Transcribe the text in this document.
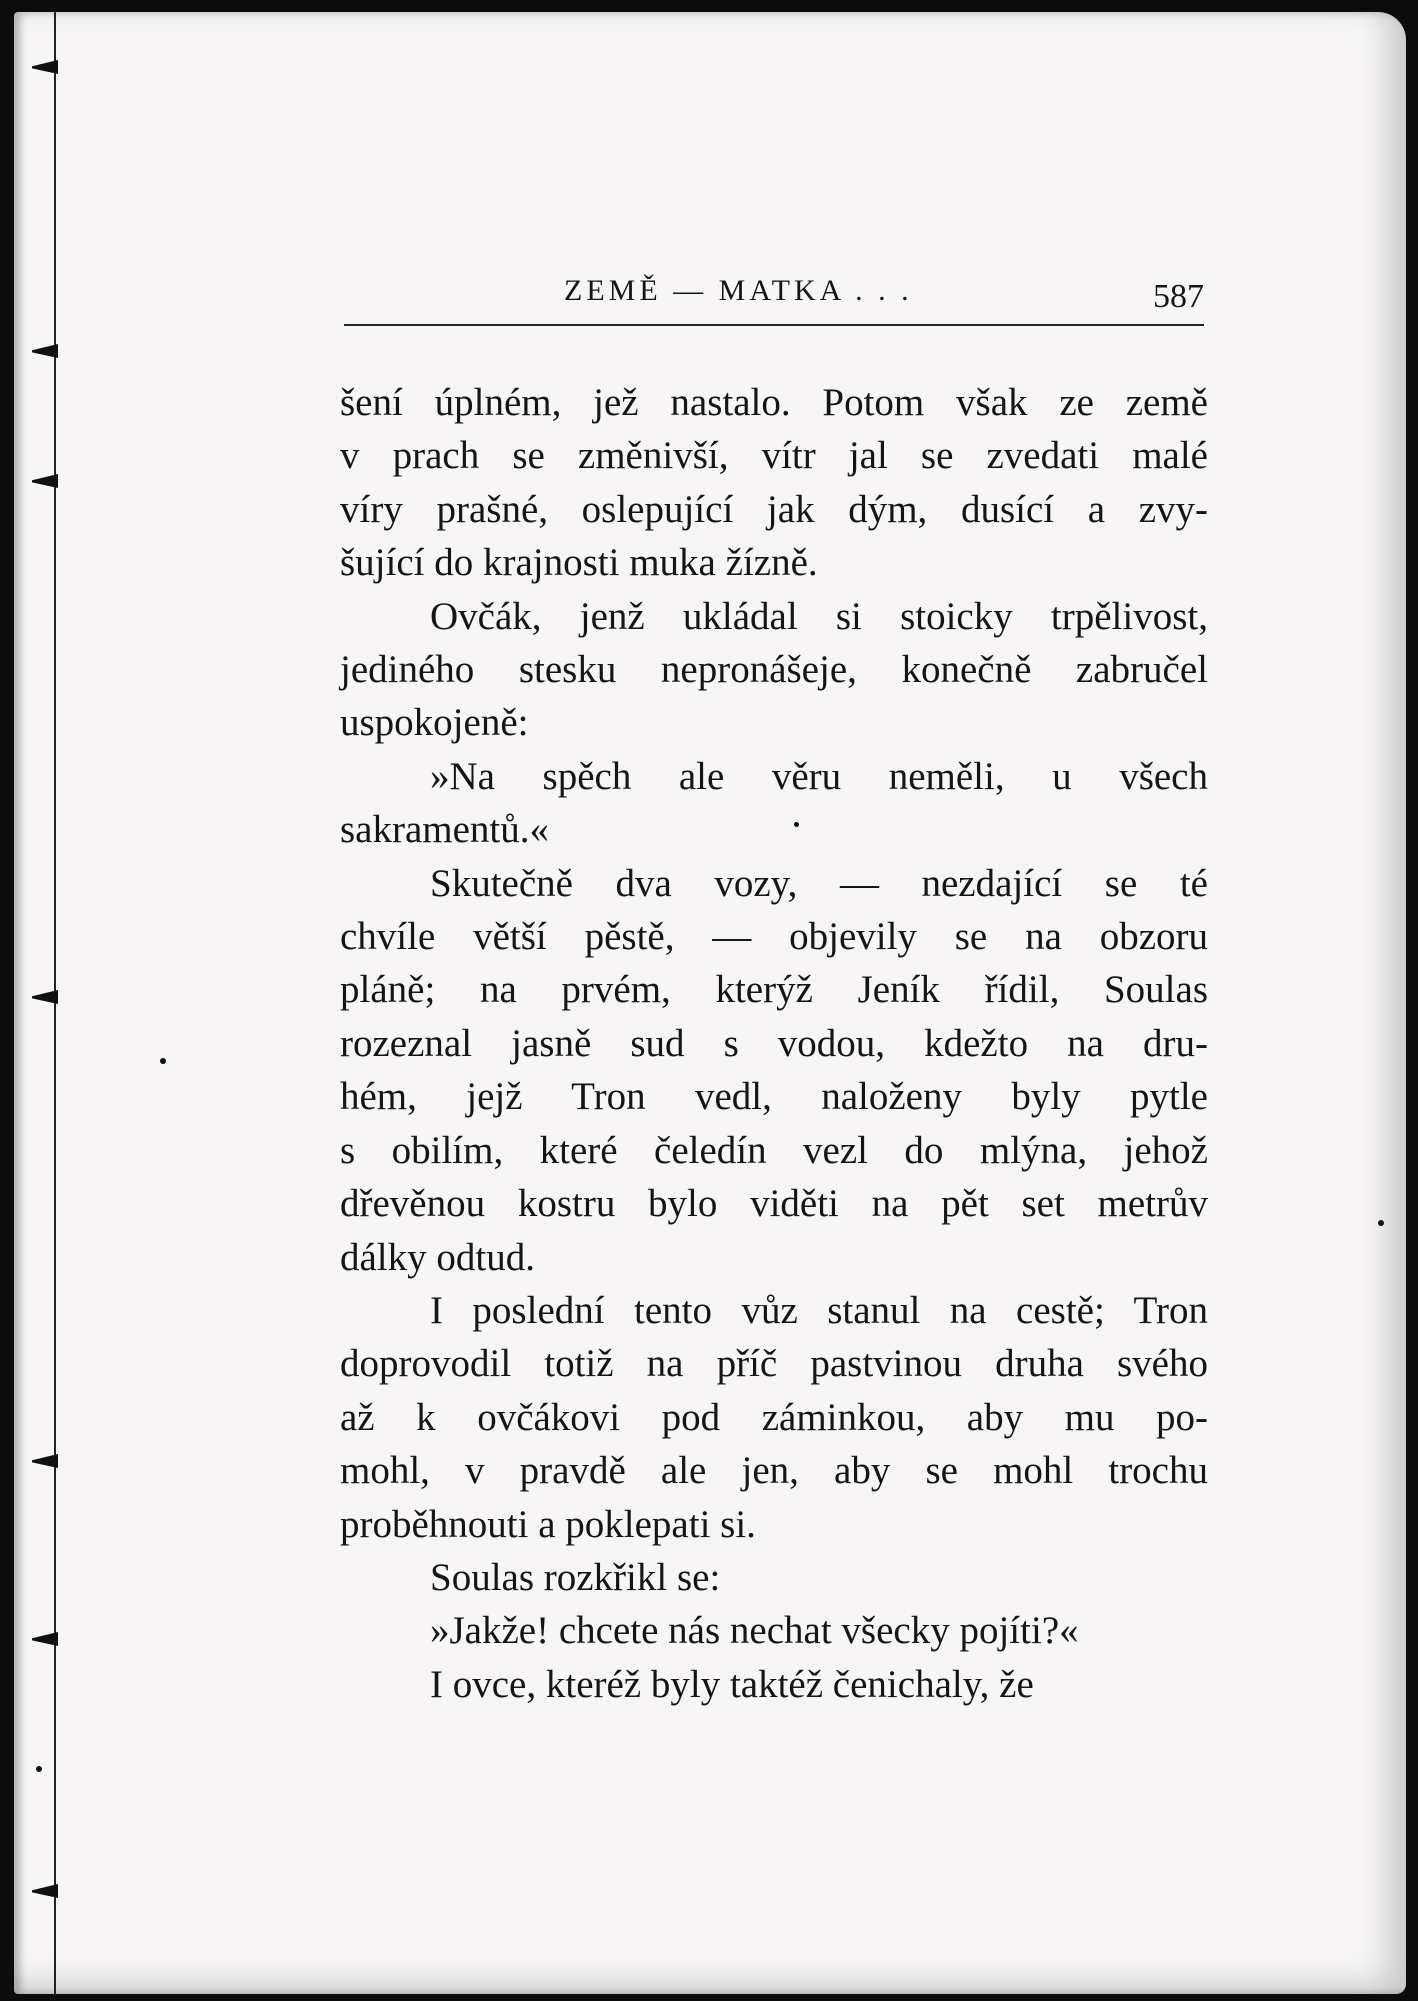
ZEMĚ — MATKA . . .	587

šení úplném, jež nastalo. Potom však ze země
v prach se změnivší, vítr jal se zvedati malé
víry prašné, oslepující jak dým, dusící a zvy-
šující do krajnosti muka žízně.

Ovčák, jenž ukládal si stoicky trpělivost,
jediného stesku nepronášeje, konečně zabručel
uspokojeně:

»Na spěch ale věru neměli, u všech
sakramentů.«

Skutečně dva vozy, — nezdající se té
chvíle větší pěstě, — objevily se na obzoru
pláně; na prvém, kterýž Jeník řídil, Soulas
rozeznal jasně sud s vodou, kdežto na dru-
hém, jejž Tron vedl, naloženy byly pytle
s obilím, které čeledín vezl do mlýna, jehož
dřevěnou kostru bylo viděti na pět set metrův
dálky odtud.

I poslední tento vůz stanul na cestě; Tron
doprovodil totiž na příč pastvinou druha svého
až k ovčákovi pod záminkou, aby mu po-
mohl, v pravdě ale jen, aby se mohl trochu
proběhnouti a poklepati si.

Soulas rozkřikl se:

»Jakže! chcete nás nechat všecky pojíti?«

I ovce, kteréž byly taktéž čenichaly, že
